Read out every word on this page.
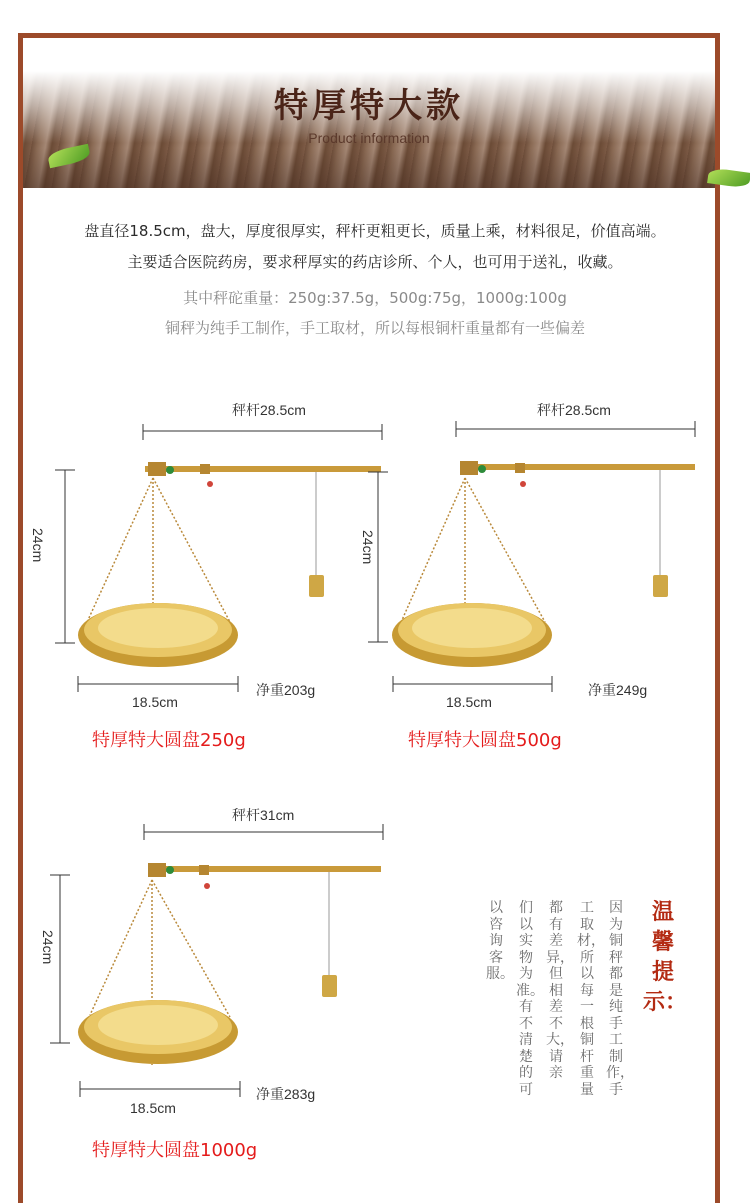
特厚特大款
Product information
盘直径18.5cm，盘大，厚度很厚实，秤杆更粗更长，质量上乘，材料很足，价值高端。
主要适合医院药房，要求秤厚实的药店诊所、个人，也可用于送礼，收藏。
其中秤砣重量：250g:37.5g，500g:75g，1000g:100g
铜秤为纯手工制作，手工取材，所以每根铜杆重量都有一些偏差
秤杆28.5cm
24cm
18.5cm
净重203g
特厚特大圆盘250g
秤杆28.5cm
24cm
18.5cm
净重249g
特厚特大圆盘500g
秤杆31cm
24cm
18.5cm
净重283g
特厚特大圆盘1000g
温馨提示：
因为铜秤都是纯手工制作，手
工取材，所以每一根铜杆重量
都有差异，但相差不大，请亲
们以实物为准。有不清楚的可
以咨询客服。
